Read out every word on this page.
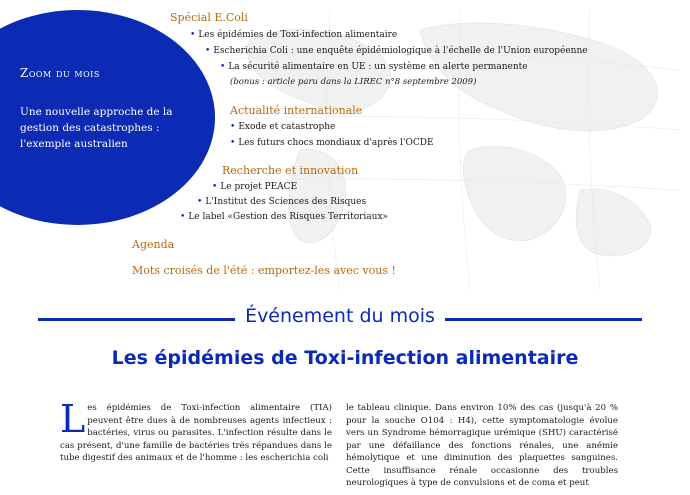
Zoom du mois
Une nouvelle approche de la gestion des catastrophes : l'exemple australien
Spécial E.Coli
• Les épidémies de Toxi-infection alimentaire
• Escherichia Coli : une enquête épidémiologique à l'échelle de l'Union européenne
• La sécurité alimentaire en UE : un système en alerte permanente
(bonus : article paru dans la LIREC n°8 septembre 2009)
Actualité internationale
• Exode et catastrophe
• Les futurs chocs mondiaux d'après l'OCDE
Recherche et innovation
• Le projet PEACE
• L'Institut des Sciences des Risques
• Le label «Gestion des Risques Territoriaux»
Agenda
Mots croisés de l'été : emportez-les avec vous !
Événement du mois
Les épidémies de Toxi-infection alimentaire
Les épidémies de Toxi-infection alimentaire (TIA) peuvent être dues à de nombreuses agents infectieux : bactéries, virus ou parasites. L'infection résulte dans le cas présent, d'une famille de bactéries très répandues dans le tube digestif des animaux et de l'homme : les escherichia coli
le tableau clinique. Dans environ 10% des cas (jusqu'à 20 % pour la souche O104 : H4), cette symptomatologie évolue vers un Syndrome hémorragique urémique (SHU) caractérisé par une défaillance des fonctions rénales, une anémie hémolytique et une diminution des plaquettes sanguines. Cette insuffisance rénale occasionne des troubles neurologiques à type de convulsions et de coma et peut
